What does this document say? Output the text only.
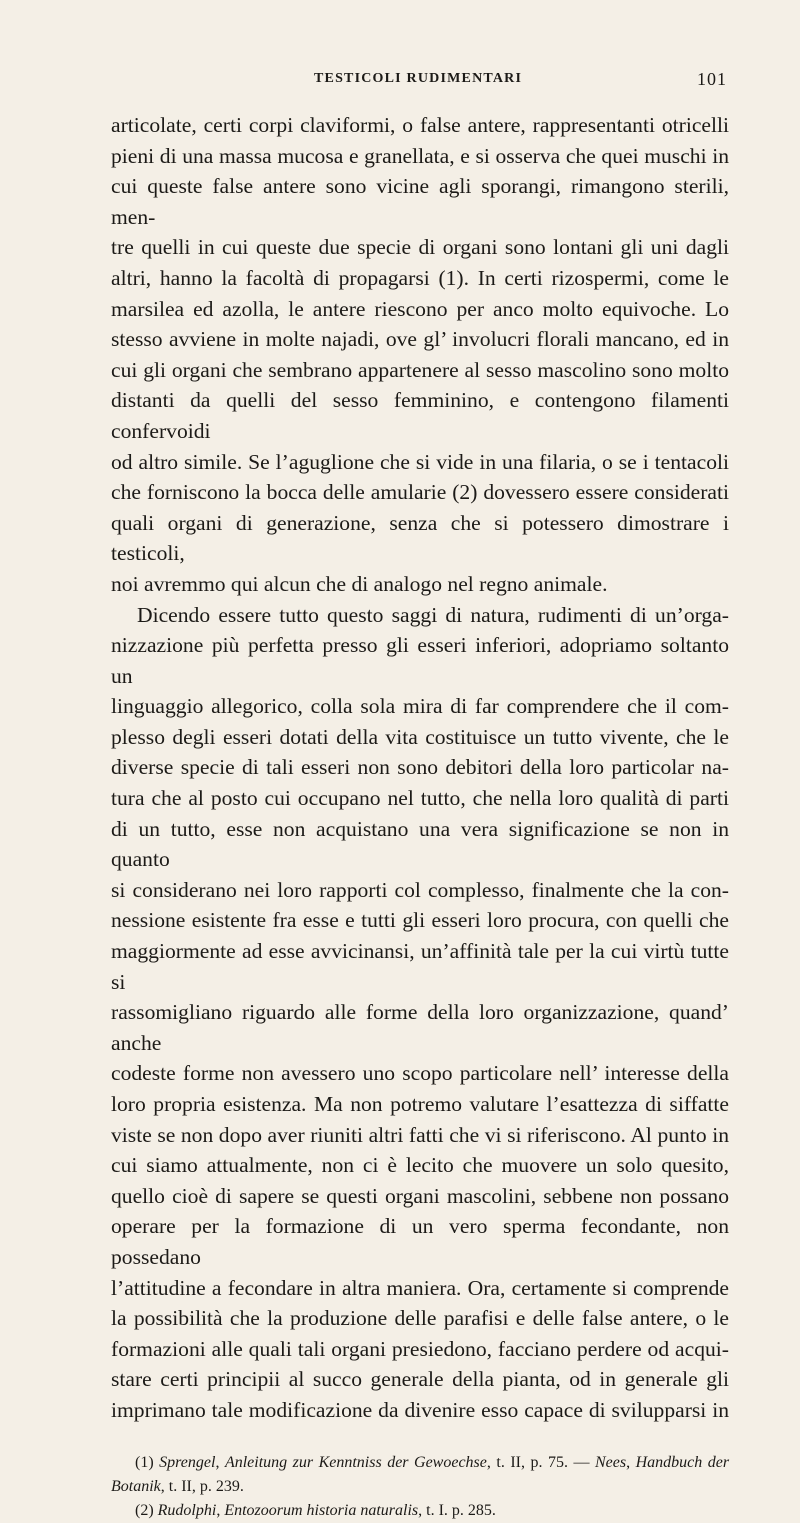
TESTICOLI RUDIMENTARI	101

articolate, certi corpi claviformi, o false antere, rappresentanti otricelli

pieni di una massa mucosa e granellata, e si osserva che quei muschi in

cui queste false antere sono vicine agli sporangi, rimangono sterili, men-

tre quelli in cui queste due specie di organi sono lontani gli uni dagli

altri, hanno la facoltà di propagarsi (1). In certi rizospermi, come le

marsilea ed azolla, le antere riescono per anco molto equivoche. Lo

stesso avviene in molte najadi, ove gl’ involucri florali mancano, ed in

cui gli organi che sembrano appartenere al sesso mascolino sono molto

distanti da quelli del sesso femminino, e contengono filamenti confervoidi

od altro simile. Se l’aguglione che si vide in una filaria, o se i tentacoli

che forniscono la bocca delle amularie (2) dovessero essere considerati

quali organi di generazione, senza che si potessero dimostrare i testicoli,

noi avremmo qui alcun che di analogo nel regno animale.

Dicendo essere tutto questo saggi di natura, rudimenti di un’orga-

nizzazione più perfetta presso gli esseri inferiori, adopriamo soltanto un

linguaggio allegorico, colla sola mira di far comprendere che il com-

plesso degli esseri dotati della vita costituisce un tutto vivente, che le

diverse specie di tali esseri non sono debitori della loro particolar na-

tura che al posto cui occupano nel tutto, che nella loro qualità di parti

di un tutto, esse non acquistano una vera significazione se non in quanto

si considerano nei loro rapporti col complesso, finalmente che la con-

nessione esistente fra esse e tutti gli esseri loro procura, con quelli che

maggiormente ad esse avvicinansi, un’affinità tale per la cui virtù tutte si

rassomigliano riguardo alle forme della loro organizzazione, quand’ anche

codeste forme non avessero uno scopo particolare nell’ interesse della

loro propria esistenza. Ma non potremo valutare l’esattezza di siffatte

viste se non dopo aver riuniti altri fatti che vi si riferiscono. Al punto in

cui siamo attualmente, non ci è lecito che muovere un solo quesito,

quello cioè di sapere se questi organi mascolini, sebbene non possano

operare per la formazione di un vero sperma fecondante, non possedano

l’attitudine a fecondare in altra maniera. Ora, certamente si comprende

la possibilità che la produzione delle parafisi e delle false antere, o le

formazioni alle quali tali organi presiedono, facciano perdere od acqui-

stare certi principii al succo generale della pianta, od in generale gli

imprimano tale modificazione da divenire esso capace di svilupparsi in

(1) Sprengel, Anleitung zur Kenntniss der Gewoechse, t. II, p. 75. — Nees, Handbuch der Botanik, t. II, p. 239.

(2) Rudolphi, Entozoorum historia naturalis, t. I. p. 285.
